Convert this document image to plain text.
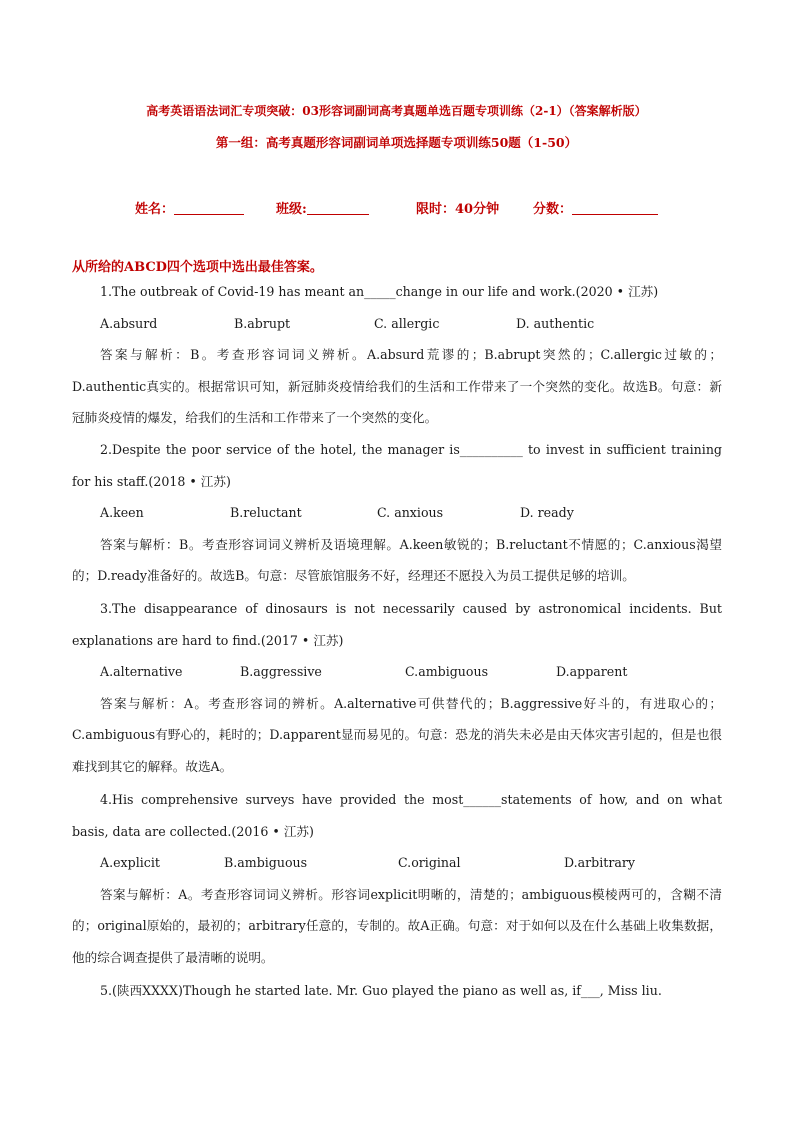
高考英语语法词汇专项突破：03形容词副词高考真题单选百题专项训练（2-1）（答案解析版）
第一组：高考真题形容词副词单项选择题专项训练50题（1-50）
姓名：	班级:	限时：40分钟	分数：
从所给的ABCD四个选项中选出最佳答案。

1.The outbreak of Covid-19 has meant an_____change in our life and work.(2020 • 江苏)

A.absurd	B.abrupt	C. allergic	D. authentic

答案与解析：B。考查形容词词义辨析。A.absurd荒谬的；B.abrupt突然的；C.allergic过敏的；D.authentic真实的。根据常识可知，新冠肺炎疫情给我们的生活和工作带来了一个突然的变化。故选B。句意：新冠肺炎疫情的爆发，给我们的生活和工作带来了一个突然的变化。

2.Despite the poor service of the hotel, the manager is__________ to invest in sufficient training for his staff.(2018 • 江苏)

A.keen	B.reluctant	C. anxious	D. ready

答案与解析：B。考查形容词词义辨析及语境理解。A.keen敏锐的；B.reluctant不情愿的；C.anxious渴望的；D.ready准备好的。故选B。句意：尽管旅馆服务不好，经理还不愿投入为员工提供足够的培训。

3.The disappearance of dinosaurs is not necessarily caused by astronomical incidents. But explanations are hard to find.(2017 • 江苏)

A.alternative	B.aggressive	C.ambiguous	D.apparent

答案与解析：A。考查形容词的辨析。A.alternative可供替代的；B.aggressive好斗的，有进取心的；C.ambiguous有野心的，耗时的；D.apparent显而易见的。句意：恐龙的消失未必是由天体灾害引起的，但是也很难找到其它的解释。故选A。

4.His comprehensive surveys have provided the most______statements of how, and on what basis, data are collected.(2016 • 江苏)

A.explicit	B.ambiguous	C.original	D.arbitrary

答案与解析：A。考查形容词词义辨析。形容词explicit明晰的，清楚的；ambiguous模棱两可的，含糊不清的；original原始的，最初的；arbitrary任意的，专制的。故A正确。句意：对于如何以及在什么基础上收集数据，他的综合调查提供了最清晰的说明。

5.(陕西XXXX)Though he started late. Mr. Guo played the piano as well as, if___, Miss liu.
